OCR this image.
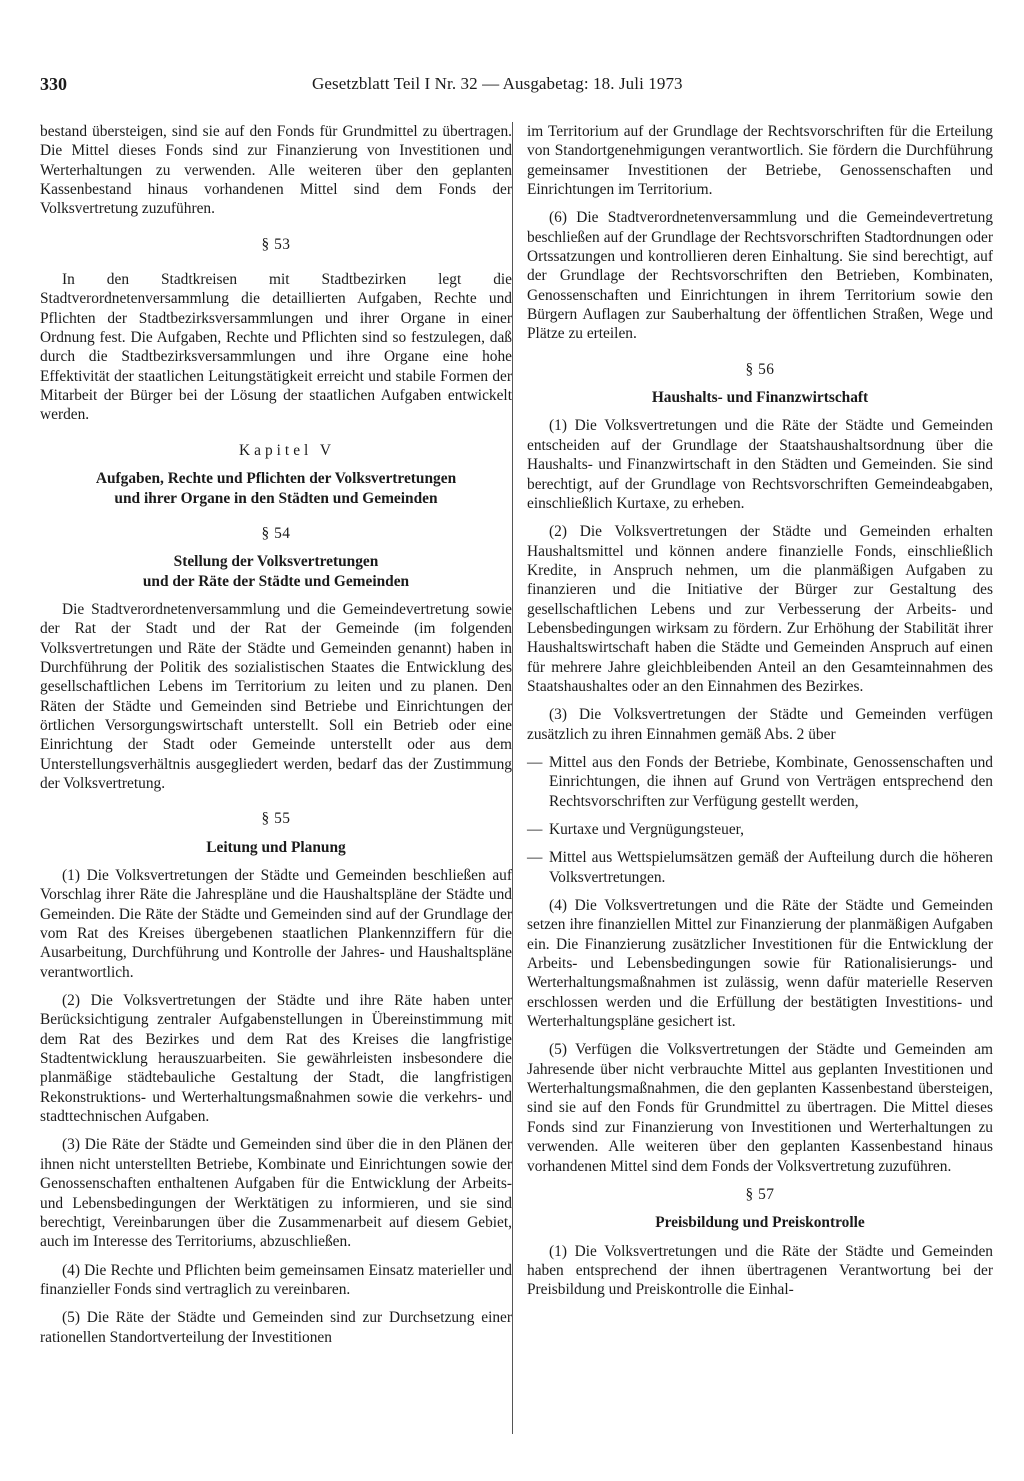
330	Gesetzblatt Teil I Nr. 32 — Ausgabetag: 18. Juli 1973

bestand übersteigen, sind sie auf den Fonds für Grundmittel zu übertragen. Die Mittel dieses Fonds sind zur Finanzierung von Investitionen und Werterhaltungen zu verwenden. Alle weiteren über den geplanten Kassenbestand hinaus vorhandenen Mittel sind dem Fonds der Volksvertretung zuzuführen.

§ 53

In den Stadtkreisen mit Stadtbezirken legt die Stadtverordnetenversammlung die detaillierten Aufgaben, Rechte und Pflichten der Stadtbezirksversammlungen und ihrer Organe in einer Ordnung fest. Die Aufgaben, Rechte und Pflichten sind so festzulegen, daß durch die Stadtbezirksversammlungen und ihre Organe eine hohe Effektivität der staatlichen Leitungstätigkeit erreicht und stabile Formen der Mitarbeit der Bürger bei der Lösung der staatlichen Aufgaben entwickelt werden.

Kapitel V

Aufgaben, Rechte und Pflichten der Volksvertretungen

und ihrer Organe in den Städten und Gemeinden

§ 54

Stellung der Volksvertretungen

und der Räte der Städte und Gemeinden

Die Stadtverordnetenversammlung und die Gemeindevertretung sowie der Rat der Stadt und der Rat der Gemeinde (im folgenden Volksvertretungen und Räte der Städte und Gemeinden genannt) haben in Durchführung der Politik des sozialistischen Staates die Entwicklung des gesellschaftlichen Lebens im Territorium zu leiten und zu planen. Den Räten der Städte und Gemeinden sind Betriebe und Einrichtungen der örtlichen Versorgungswirtschaft unterstellt. Soll ein Betrieb oder eine Einrichtung der Stadt oder Gemeinde unterstellt oder aus dem Unterstellungsverhältnis ausgegliedert werden, bedarf das der Zustimmung der Volksvertretung.

§ 55

Leitung und Planung

(1) Die Volksvertretungen der Städte und Gemeinden beschließen auf Vorschlag ihrer Räte die Jahrespläne und die Haushaltspläne der Städte und Gemeinden. Die Räte der Städte und Gemeinden sind auf der Grundlage der vom Rat des Kreises übergebenen staatlichen Plankennziffern für die Ausarbeitung, Durchführung und Kontrolle der Jahres- und Haushaltspläne verantwortlich.

(2) Die Volksvertretungen der Städte und ihre Räte haben unter Berücksichtigung zentraler Aufgabenstellungen in Übereinstimmung mit dem Rat des Bezirkes und dem Rat des Kreises die langfristige Stadtentwicklung herauszuarbeiten. Sie gewährleisten insbesondere die planmäßige städtebauliche Gestaltung der Stadt, die langfristigen Rekonstruktions- und Werterhaltungsmaßnahmen sowie die verkehrs- und stadttechnischen Aufgaben.

(3) Die Räte der Städte und Gemeinden sind über die in den Plänen der ihnen nicht unterstellten Betriebe, Kombinate und Einrichtungen sowie der Genossenschaften enthaltenen Aufgaben für die Entwicklung der Arbeits- und Lebensbedingungen der Werktätigen zu informieren, und sie sind berechtigt, Vereinbarungen über die Zusammenarbeit auf diesem Gebiet, auch im Interesse des Territoriums, abzuschließen.

(4) Die Rechte und Pflichten beim gemeinsamen Einsatz materieller und finanzieller Fonds sind vertraglich zu vereinbaren.

(5) Die Räte der Städte und Gemeinden sind zur Durchsetzung einer rationellen Standortverteilung der Investitionen

im Territorium auf der Grundlage der Rechtsvorschriften für die Erteilung von Standortgenehmigungen verantwortlich. Sie fördern die Durchführung gemeinsamer Investitionen der Betriebe, Genossenschaften und Einrichtungen im Territorium.

(6) Die Stadtverordnetenversammlung und die Gemeindevertretung beschließen auf der Grundlage der Rechtsvorschriften Stadtordnungen oder Ortssatzungen und kontrollieren deren Einhaltung. Sie sind berechtigt, auf der Grundlage der Rechtsvorschriften den Betrieben, Kombinaten, Genossenschaften und Einrichtungen in ihrem Territorium sowie den Bürgern Auflagen zur Sauberhaltung der öffentlichen Straßen, Wege und Plätze zu erteilen.

§ 56

Haushalts- und Finanzwirtschaft

(1) Die Volksvertretungen und die Räte der Städte und Gemeinden entscheiden auf der Grundlage der Staatshaushaltsordnung über die Haushalts- und Finanzwirtschaft in den Städten und Gemeinden. Sie sind berechtigt, auf der Grundlage von Rechtsvorschriften Gemeindeabgaben, einschließlich Kurtaxe, zu erheben.

(2) Die Volksvertretungen der Städte und Gemeinden erhalten Haushaltsmittel und können andere finanzielle Fonds, einschließlich Kredite, in Anspruch nehmen, um die planmäßigen Aufgaben zu finanzieren und die Initiative der Bürger zur Gestaltung des gesellschaftlichen Lebens und zur Verbesserung der Arbeits- und Lebensbedingungen wirksam zu fördern. Zur Erhöhung der Stabilität ihrer Haushaltswirtschaft haben die Städte und Gemeinden Anspruch auf einen für mehrere Jahre gleichbleibenden Anteil an den Gesamteinnahmen des Staatshaushaltes oder an den Einnahmen des Bezirkes.

(3) Die Volksvertretungen der Städte und Gemeinden verfügen zusätzlich zu ihren Einnahmen gemäß Abs. 2 über

— Mittel aus den Fonds der Betriebe, Kombinate, Genossenschaften und Einrichtungen, die ihnen auf Grund von Verträgen entsprechend den Rechtsvorschriften zur Verfügung gestellt werden,
— Kurtaxe und Vergnügungsteuer,
— Mittel aus Wettspielumsätzen gemäß der Aufteilung durch die höheren Volksvertretungen.

(4) Die Volksvertretungen und die Räte der Städte und Gemeinden setzen ihre finanziellen Mittel zur Finanzierung der planmäßigen Aufgaben ein. Die Finanzierung zusätzlicher Investitionen für die Entwicklung der Arbeits- und Lebensbedingungen sowie für Rationalisierungs- und Werterhaltungsmaßnahmen ist zulässig, wenn dafür materielle Reserven erschlossen werden und die Erfüllung der bestätigten Investitions- und Werterhaltungspläne gesichert ist.

(5) Verfügen die Volksvertretungen der Städte und Gemeinden am Jahresende über nicht verbrauchte Mittel aus geplanten Investitionen und Werterhaltungsmaßnahmen, die den geplanten Kassenbestand übersteigen, sind sie auf den Fonds für Grundmittel zu übertragen. Die Mittel dieses Fonds sind zur Finanzierung von Investitionen und Werterhaltungen zu verwenden. Alle weiteren über den geplanten Kassenbestand hinaus vorhandenen Mittel sind dem Fonds der Volksvertretung zuzuführen.

§ 57

Preisbildung und Preiskontrolle

(1) Die Volksvertretungen und die Räte der Städte und Gemeinden haben entsprechend der ihnen übertragenen Verantwortung bei der Preisbildung und Preiskontrolle die Einhal-
